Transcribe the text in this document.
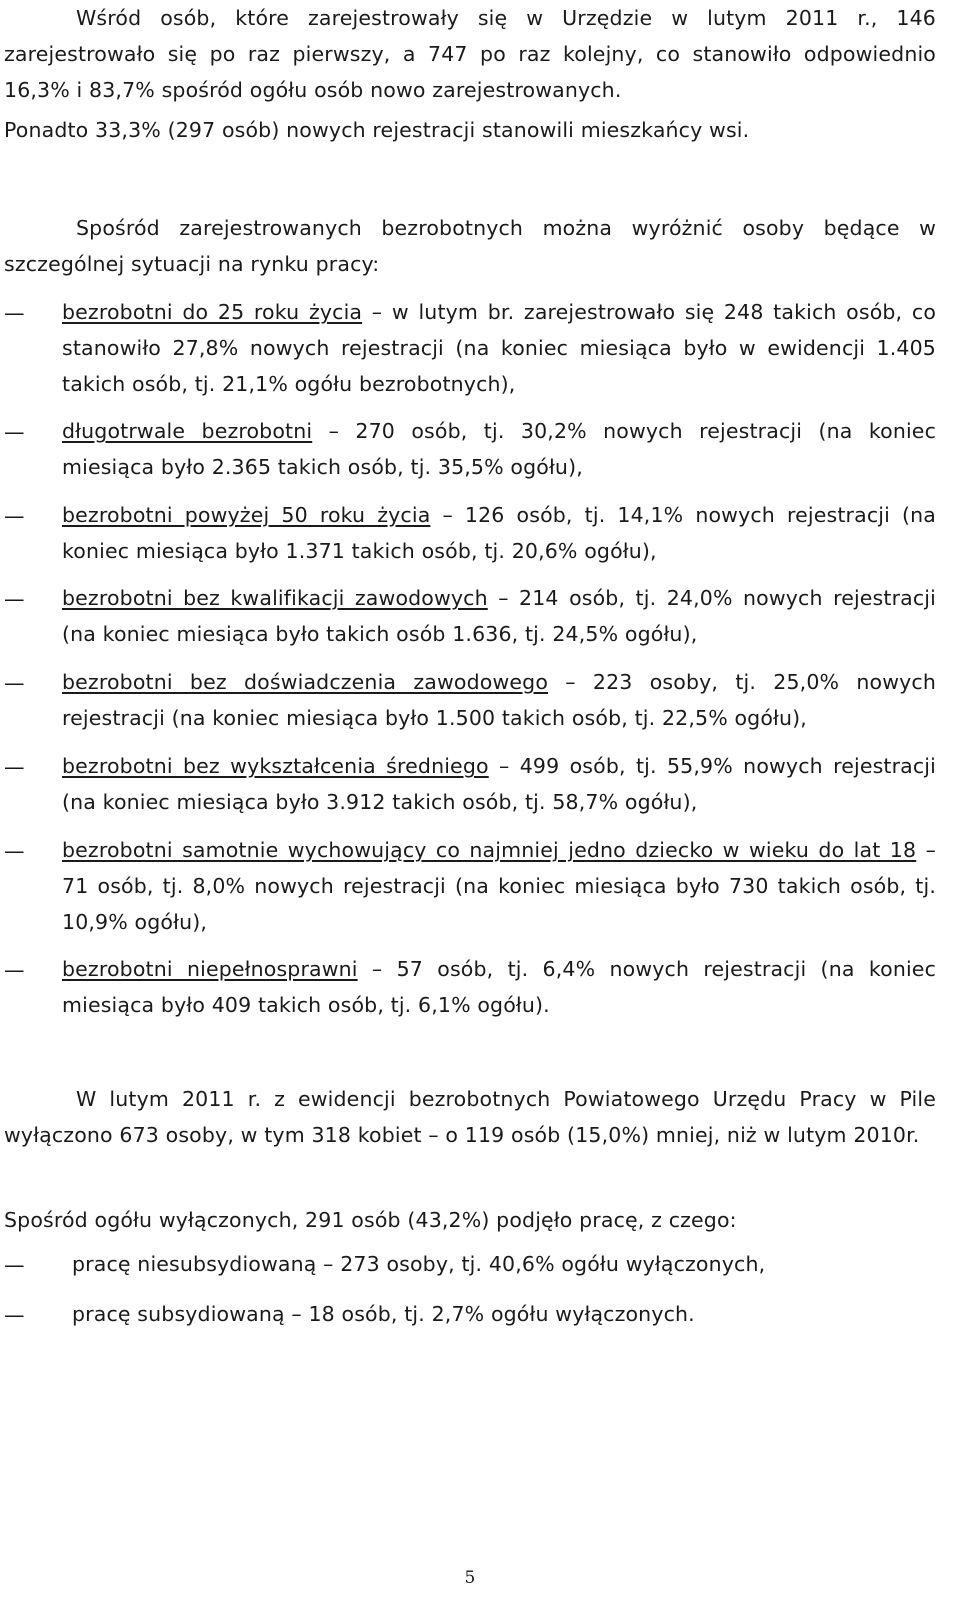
Wśród osób, które zarejestrowały się w Urzędzie w lutym 2011 r., 146 zarejestrowało się po raz pierwszy, a 747 po raz kolejny, co stanowiło odpowiednio 16,3% i 83,7% spośród ogółu osób nowo zarejestrowanych.

Ponadto 33,3% (297 osób) nowych rejestracji stanowili mieszkańcy wsi.

Spośród zarejestrowanych bezrobotnych można wyróżnić osoby będące w szczególnej sytuacji na rynku pracy:

—	bezrobotni do 25 roku życia – w lutym br. zarejestrowało się 248 takich osób, co stanowiło 27,8% nowych rejestracji (na koniec miesiąca było w ewidencji 1.405 takich osób, tj. 21,1% ogółu bezrobotnych),
—	długotrwale bezrobotni – 270 osób, tj. 30,2% nowych rejestracji (na koniec miesiąca było 2.365 takich osób, tj. 35,5% ogółu),
—	bezrobotni powyżej 50 roku życia – 126 osób, tj. 14,1% nowych rejestracji (na koniec miesiąca było 1.371 takich osób, tj. 20,6% ogółu),
—	bezrobotni bez kwalifikacji zawodowych – 214 osób, tj. 24,0% nowych rejestracji (na koniec miesiąca było takich osób 1.636, tj. 24,5% ogółu),
—	bezrobotni bez doświadczenia zawodowego – 223 osoby, tj. 25,0% nowych rejestracji (na koniec miesiąca było 1.500 takich osób, tj. 22,5% ogółu),
—	bezrobotni bez wykształcenia średniego – 499 osób, tj. 55,9% nowych rejestracji (na koniec miesiąca było 3.912 takich osób, tj. 58,7% ogółu),
—	bezrobotni samotnie wychowujący co najmniej jedno dziecko w wieku do lat 18 – 71 osób, tj. 8,0% nowych rejestracji (na koniec miesiąca było 730 takich osób, tj. 10,9% ogółu),
—	bezrobotni niepełnosprawni – 57 osób, tj. 6,4% nowych rejestracji (na koniec miesiąca było 409 takich osób, tj. 6,1% ogółu).

W lutym 2011 r. z ewidencji bezrobotnych Powiatowego Urzędu Pracy w Pile wyłączono 673 osoby, w tym 318 kobiet – o 119 osób (15,0%) mniej, niż w lutym 2010r.

Spośród ogółu wyłączonych, 291 osób (43,2%) podjęło pracę, z czego:

—	pracę niesubsydiowaną – 273 osoby, tj. 40,6% ogółu wyłączonych,
—	pracę subsydiowaną – 18 osób, tj. 2,7% ogółu wyłączonych.
5
